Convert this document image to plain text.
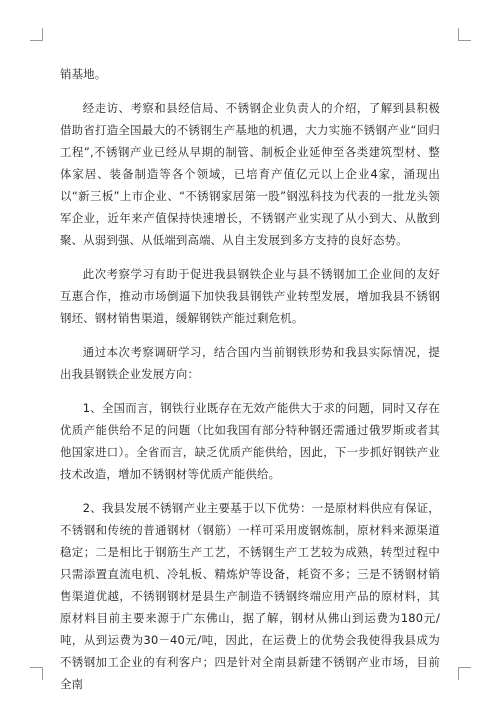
销基地。

经走访、考察和县经信局、不锈钢企业负责人的介绍，了解到县积极借助省打造全国最大的不锈钢生产基地的机遇，大力实施不锈钢产业“回归工程”,不锈钢产业已经从早期的制管、制板企业延伸至各类建筑型材、整体家居、装备制造等各个领域，已培育产值亿元以上企业4家，涌现出以“新三板”上市企业、“不锈钢家居第一股”钢泓科技为代表的一批龙头领军企业，近年来产值保持快速增长，不锈钢产业实现了从小到大、从散到聚、从弱到强、从低端到高端、从自主发展到多方支持的良好态势。

此次考察学习有助于促进我县钢铁企业与县不锈钢加工企业间的友好互惠合作，推动市场倒逼下加快我县钢铁产业转型发展，增加我县不锈钢钢坯、钢材销售渠道，缓解钢铁产能过剩危机。

通过本次考察调研学习，结合国内当前钢铁形势和我县实际情况，提出我县钢铁企业发展方向：

1、全国而言，钢铁行业既存在无效产能供大于求的问题，同时又存在优质产能供给不足的问题（比如我国有部分特种钢还需通过俄罗斯或者其他国家进口）。全省而言，缺乏优质产能供给，因此，下一步抓好钢铁产业技术改造，增加不锈钢材等优质产能供给。

2、我县发展不锈钢产业主要基于以下优势：一是原材料供应有保证，不锈钢和传统的普通钢材（钢筋）一样可采用废钢炼制，原材料来源渠道稳定；二是相比于钢筋生产工艺，不锈钢生产工艺较为成熟，转型过程中只需添置直流电机、冷轧板、精炼炉等设备，耗资不多；三是不锈钢材销售渠道优越，不锈钢钢材是县生产制造不锈钢终端应用产品的原材料，其原材料目前主要来源于广东佛山，据了解，钢材从佛山到运费为180元/吨，从到运费为30－40元/吨，因此，在运费上的优势会我使得我县成为不锈钢加工企业的有利客户；四是针对全南县新建不锈钢产业市场，目前全南
